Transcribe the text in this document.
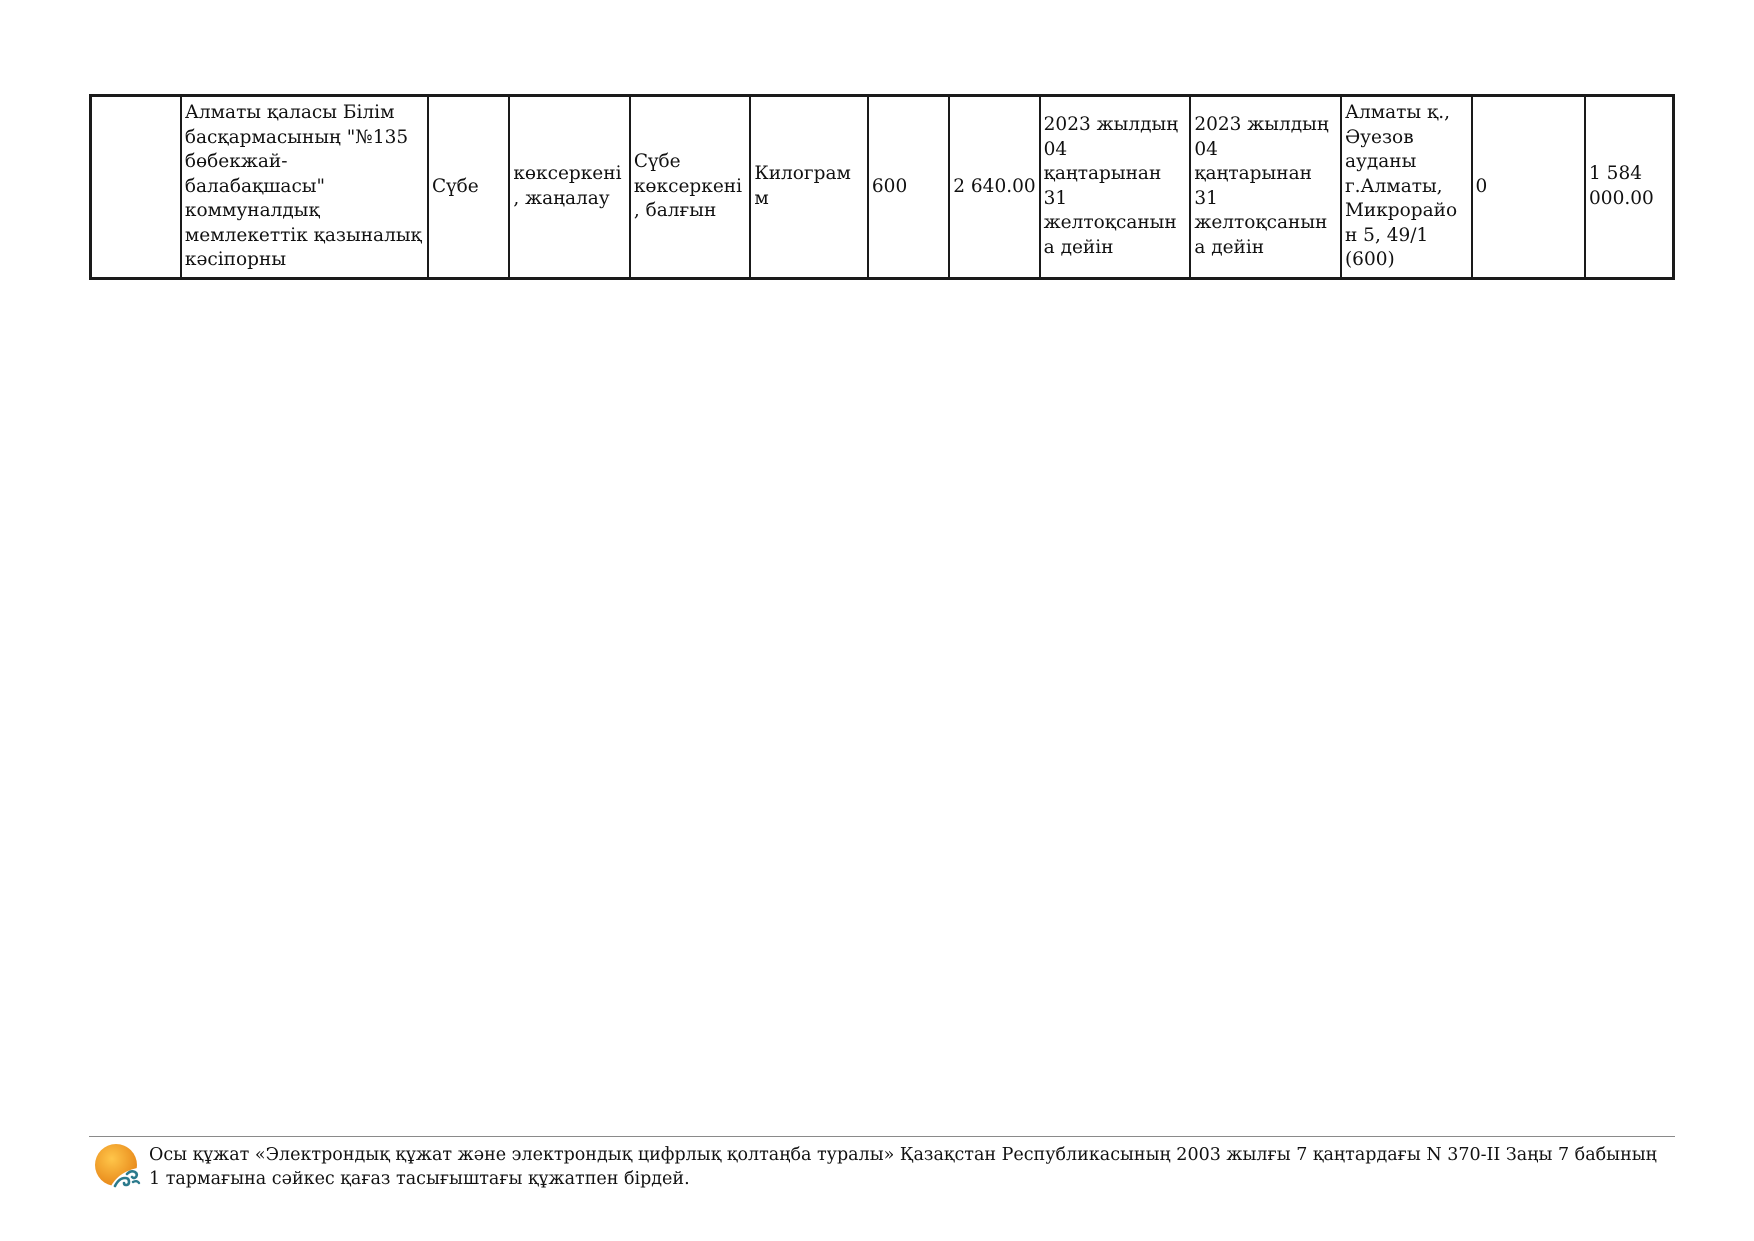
	Алматы қаласы Білім басқармасының "№135 бөбекжай-балабақшасы" коммуналдық мемлекеттік қазыналық кәсіпорны	Сүбе	көксеркені, жаңалау	Сүбе көксеркені, балғын	Килограмм	600	2 640.00	2023 жылдың 04 қаңтарынан 31 желтоқсанына дейін	2023 жылдың 04 қаңтарынан 31 желтоқсанына дейін	Алматы қ., Әуезов ауданы г.Алматы, Микрорайон 5, 49/1 (600)	0	1 584 000.00
Осы құжат «Электрондық құжат және электрондық цифрлық қолтаңба туралы» Қазақстан Республикасының 2003 жылғы 7 қаңтардағы N 370-II Заңы 7 бабының 1 тармағына сәйкес қағаз тасығыштағы құжатпен бірдей.
